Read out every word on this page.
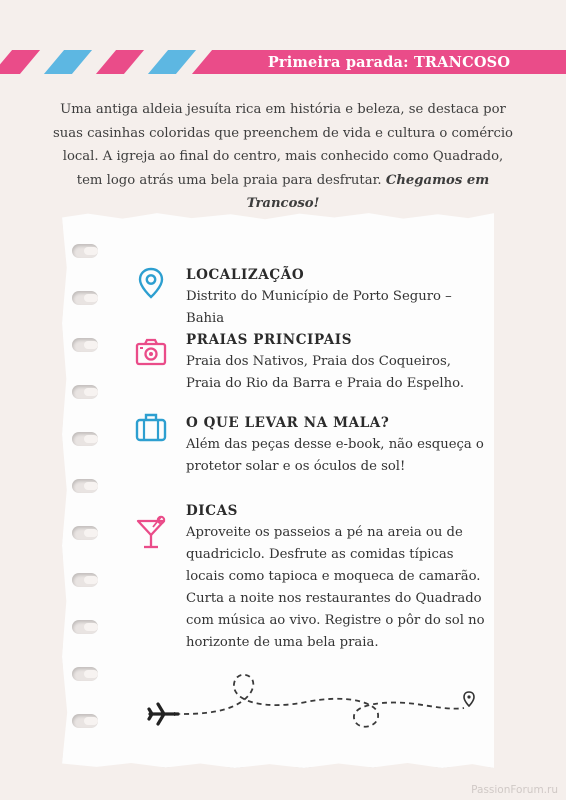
Primeira parada: TRANCOSO
Uma antiga aldeia jesuíta rica em história e beleza, se destaca por suas casinhas coloridas que preenchem de vida e cultura o comércio local. A igreja ao final do centro, mais conhecido como Quadrado, tem logo atrás uma bela praia para desfrutar. Chegamos em Trancoso!
LOCALIZAÇÃO

Distrito do Município de Porto Seguro – Bahia

PRAIAS PRINCIPAIS

Praia dos Nativos, Praia dos Coqueiros, Praia do Rio da Barra e Praia do Espelho.

O QUE LEVAR NA MALA?

Além das peças desse e-book, não esqueça o protetor solar e os óculos de sol!

DICAS

Aproveite os passeios a pé na areia ou de quadriciclo. Desfrute as comidas típicas locais como tapioca e moqueca de camarão. Curta a noite nos restaurantes do Quadrado com música ao vivo. Registre o pôr do sol no horizonte de uma bela praia.

PassionForum.ru
